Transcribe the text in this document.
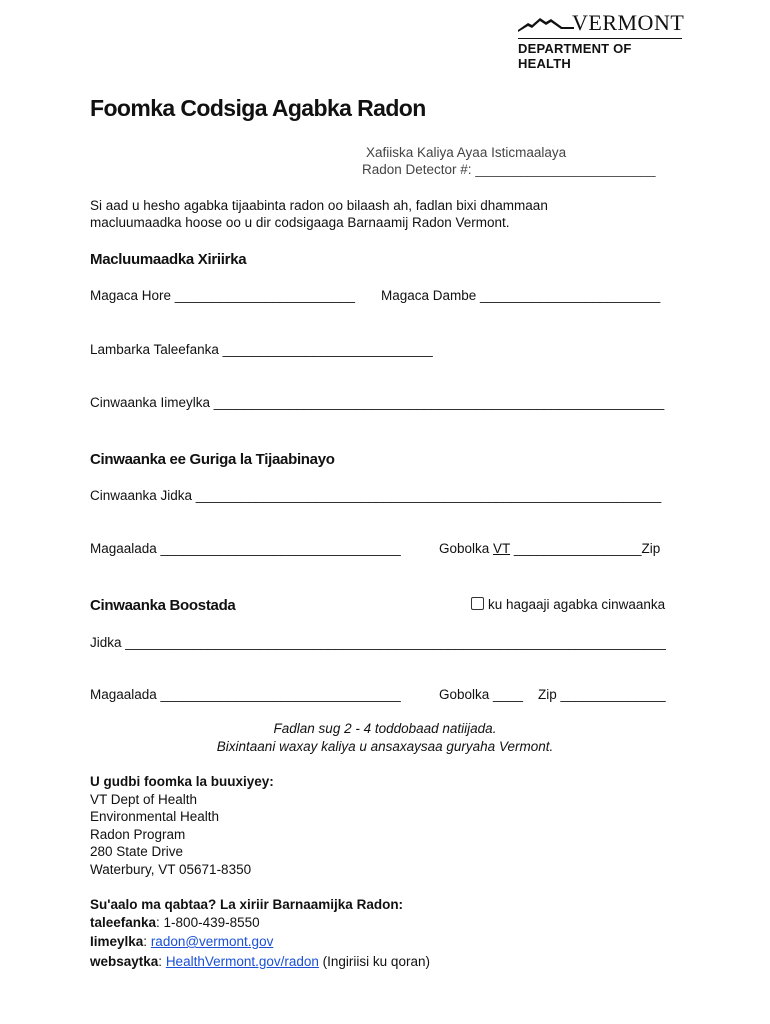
VERMONT
DEPARTMENT OF HEALTH
Foomka Codsiga Agabka Radon
Xafiiska Kaliya Ayaa Isticmaalaya
Radon Detector #: ________________________
Si aad u hesho agabka tijaabinta radon oo bilaash ah, fadlan bixi dhammaan
macluumaadka hoose oo u dir codsigaaga Barnaamij Radon Vermont.
Macluumaadka Xiriirka
Magaca Hore ________________________ Magaca Dambe ________________________
Lambarka Taleefanka ____________________________
Cinwaanka Iimeylka ____________________________________________________________
Cinwaanka ee Guriga la Tijaabinayo
Cinwaanka Jidka ______________________________________________________________
Magaalada ________________________________	Gobolka VT _________________Zip
Cinwaanka Boostada	ku hagaaji agabka cinwaanka
Jidka ________________________________________________________________________
Magaalada ________________________________	Gobolka ____ Zip ______________
Fadlan sug 2 - 4 toddobaad natiijada.
Bixintaani waxay kaliya u ansaxaysaa guryaha Vermont.
U gudbi foomka la buuxiyey:
VT Dept of Health
Environmental Health
Radon Program
280 State Drive
Waterbury, VT 05671-8350
Su'aalo ma qabtaa? La xiriir Barnaamijka Radon:
taleefanka: 1-800-439-8550
Iimeylka: radon@vermont.gov
websaytka: HealthVermont.gov/radon (Ingiriisi ku qoran)
